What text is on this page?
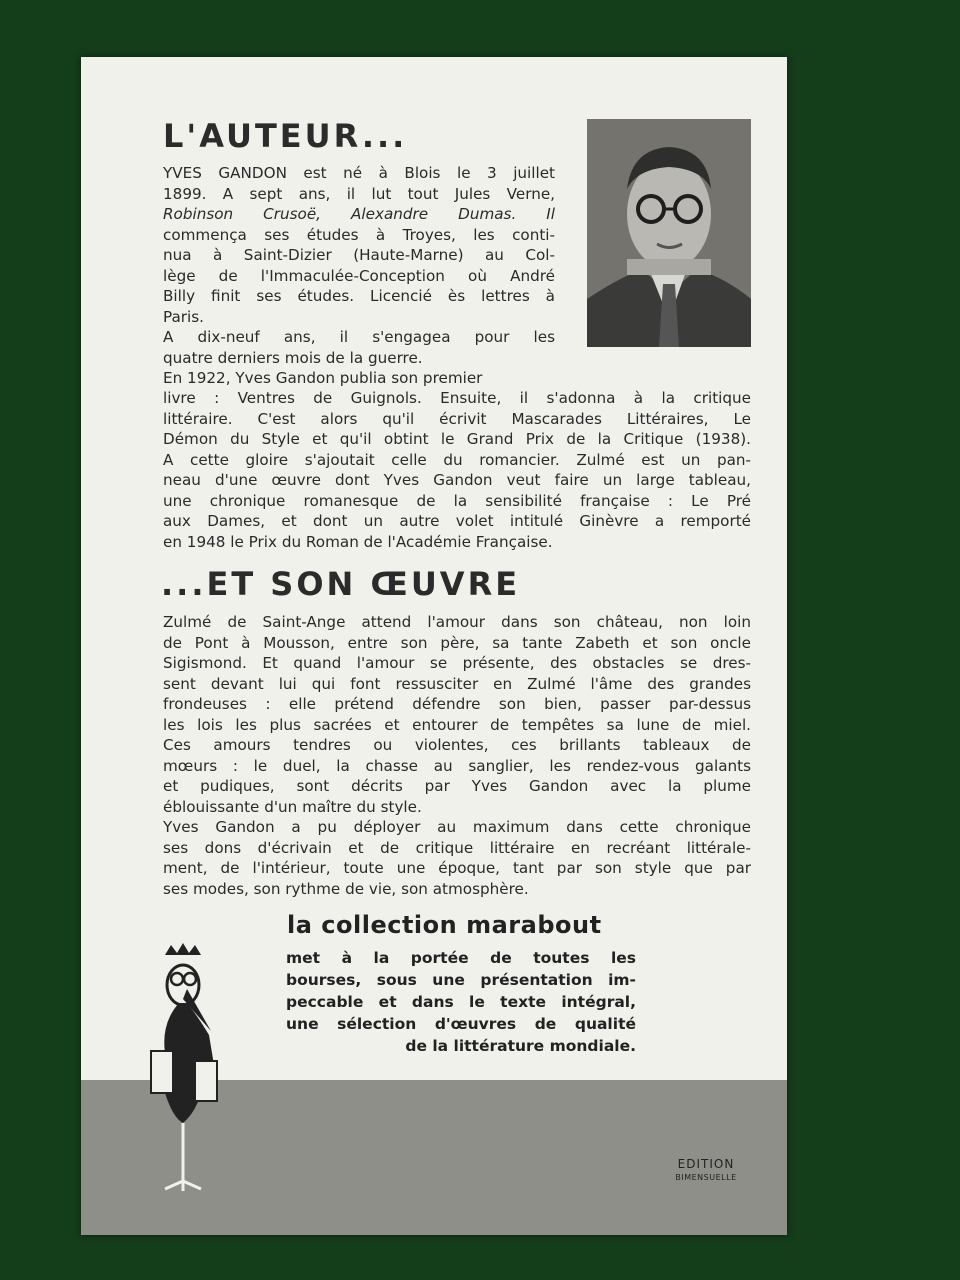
L'AUTEUR...

YVES GANDON est né à Blois le 3 juillet
1899. A sept ans, il lut tout Jules Verne,
Robinson Crusoë, Alexandre Dumas. Il
commença ses études à Troyes, les conti-
nua à Saint-Dizier (Haute-Marne) au Col-
lège de l'Immaculée-Conception où André
Billy finit ses études. Licencié ès lettres à
Paris.
A dix-neuf ans, il s'engagea pour les
quatre derniers mois de la guerre.
En 1922, Yves Gandon publia son premier

livre : Ventres de Guignols. Ensuite, il s'adonna à la critique
littéraire. C'est alors qu'il écrivit Mascarades Littéraires, Le
Démon du Style et qu'il obtint le Grand Prix de la Critique (1938).
A cette gloire s'ajoutait celle du romancier. Zulmé est un pan-
neau d'une œuvre dont Yves Gandon veut faire un large tableau,
une chronique romanesque de la sensibilité française : Le Pré
aux Dames, et dont un autre volet intitulé Ginèvre a remporté
en 1948 le Prix du Roman de l'Académie Française.

...ET SON ŒUVRE

Zulmé de Saint-Ange attend l'amour dans son château, non loin
de Pont à Mousson, entre son père, sa tante Zabeth et son oncle
Sigismond. Et quand l'amour se présente, des obstacles se dres-
sent devant lui qui font ressusciter en Zulmé l'âme des grandes
frondeuses : elle prétend défendre son bien, passer par-dessus
les lois les plus sacrées et entourer de tempêtes sa lune de miel.
Ces amours tendres ou violentes, ces brillants tableaux de
mœurs : le duel, la chasse au sanglier, les rendez-vous galants
et pudiques, sont décrits par Yves Gandon avec la plume
éblouissante d'un maître du style.
Yves Gandon a pu déployer au maximum dans cette chronique
ses dons d'écrivain et de critique littéraire en recréant littérale-
ment, de l'intérieur, toute une époque, tant par son style que par
ses modes, son rythme de vie, son atmosphère.

la collection marabout
met à la portée de toutes les
bourses, sous une présentation im-
peccable et dans le texte intégral,
une sélection d'œuvres de qualité
de la littérature mondiale.
EDITION
BIMENSUELLE
